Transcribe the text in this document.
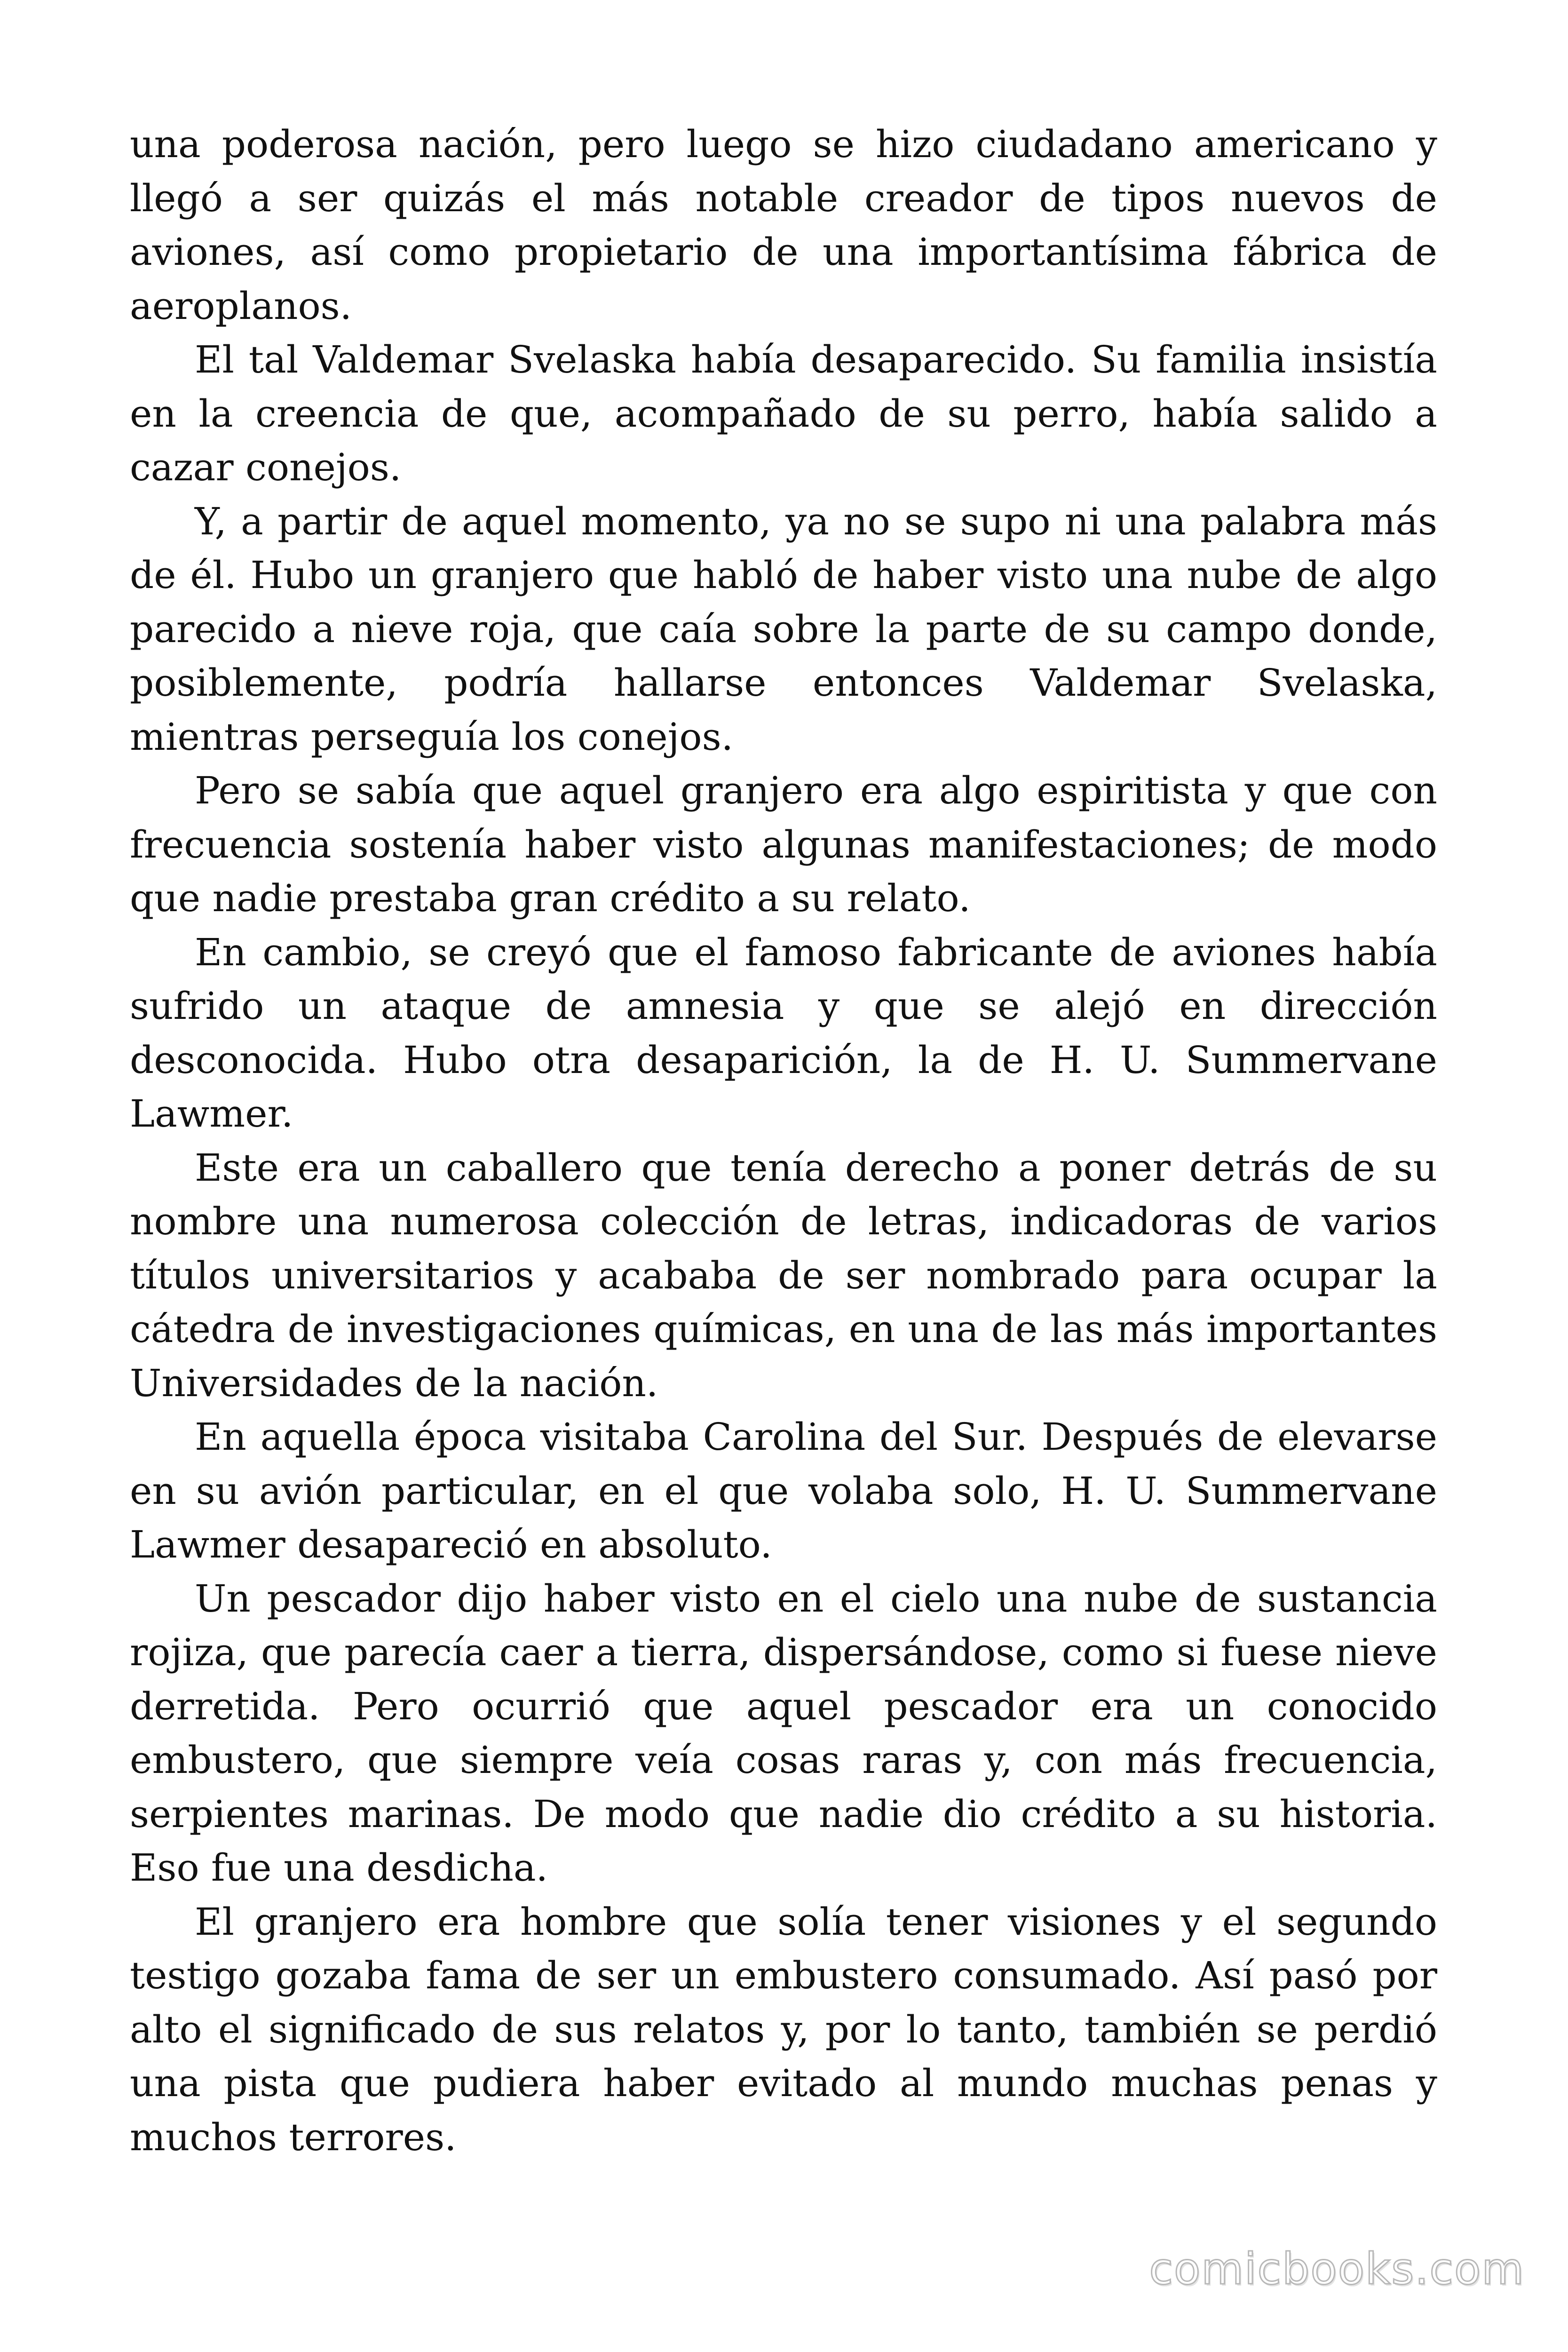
una poderosa nación, pero luego se hizo ciudadano americano y llegó a ser quizás el más notable creador de tipos nuevos de aviones, así como propietario de una importantísima fábrica de aeroplanos.

El tal Valdemar Svelaska había desaparecido. Su familia insistía en la creencia de que, acompañado de su perro, había salido a cazar conejos.

Y, a partir de aquel momento, ya no se supo ni una palabra más de él. Hubo un granjero que habló de haber visto una nube de algo parecido a nieve roja, que caía sobre la parte de su campo donde, posiblemente, podría hallarse entonces Valdemar Svelaska, mientras perseguía los conejos.

Pero se sabía que aquel granjero era algo espiritista y que con frecuencia sostenía haber visto algunas manifestaciones; de modo que nadie prestaba gran crédito a su relato.

En cambio, se creyó que el famoso fabricante de aviones había sufrido un ataque de amnesia y que se alejó en dirección desconocida. Hubo otra desaparición, la de H. U. Summervane Lawmer.

Este era un caballero que tenía derecho a poner detrás de su nombre una numerosa colección de letras, indicadoras de varios títulos universitarios y acababa de ser nombrado para ocupar la cátedra de investigaciones químicas, en una de las más importantes Universidades de la nación.

En aquella época visitaba Carolina del Sur. Después de elevarse en su avión particular, en el que volaba solo, H. U. Summervane Lawmer desapareció en absoluto.

Un pescador dijo haber visto en el cielo una nube de sustancia rojiza, que parecía caer a tierra, dispersándose, como si fuese nieve derretida. Pero ocurrió que aquel pescador era un conocido embustero, que siempre veía cosas raras y, con más frecuencia, serpientes marinas. De modo que nadie dio crédito a su historia. Eso fue una desdicha.

El granjero era hombre que solía tener visiones y el segundo testigo gozaba fama de ser un embustero consumado. Así pasó por alto el significado de sus relatos y, por lo tanto, también se perdió una pista que pudiera haber evitado al mundo muchas penas y muchos terrores.

comicbooks.com
